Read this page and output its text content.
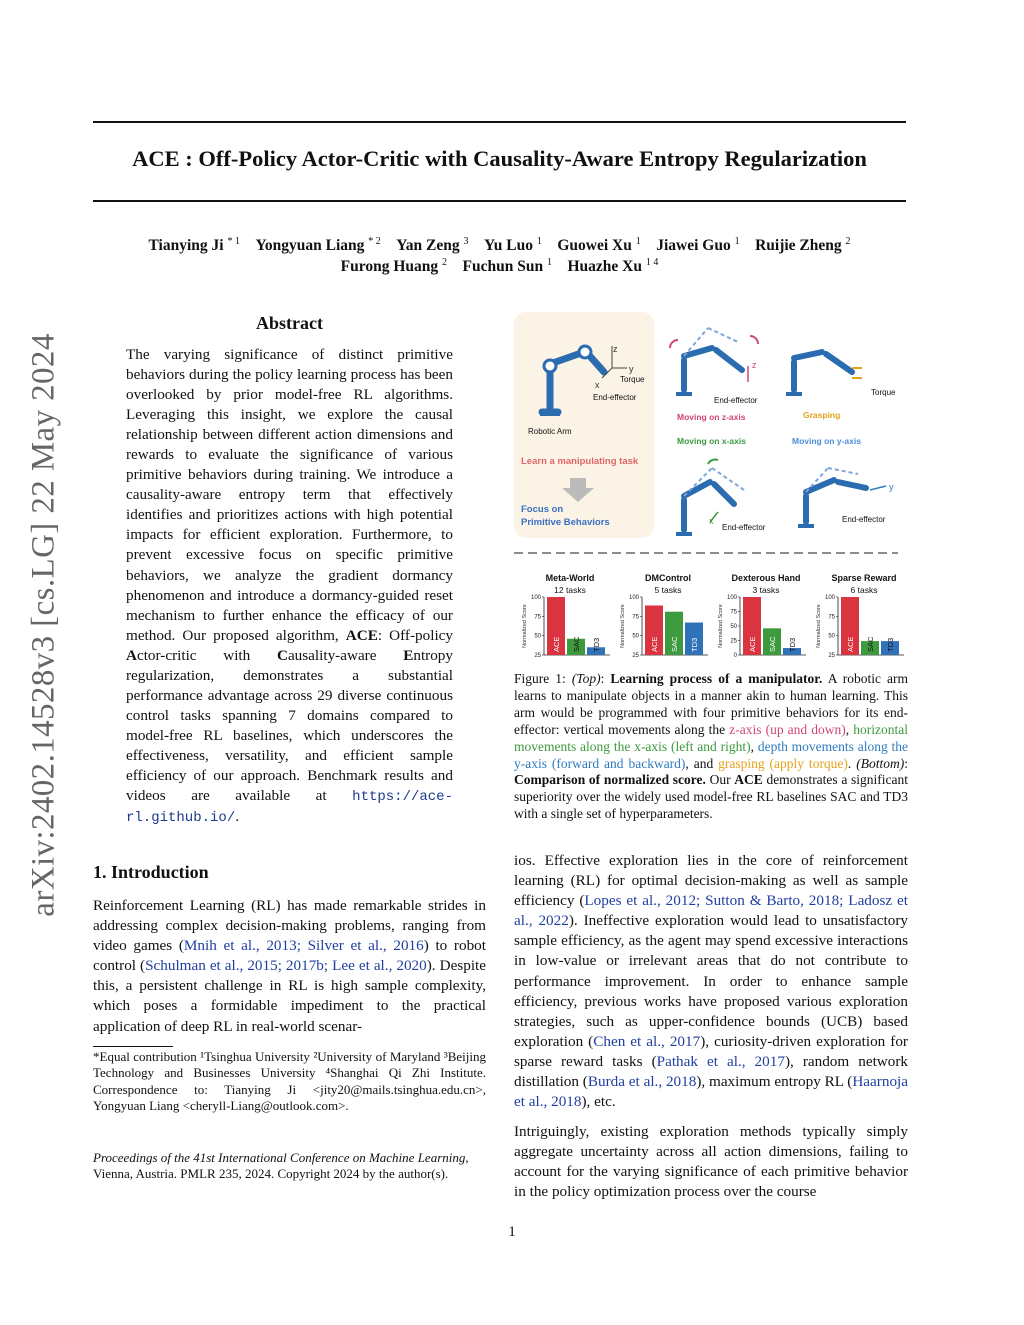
ACE : Off-Policy Actor-Critic with Causality-Aware Entropy Regularization
Tianying Ji $^{* 1}$  Yongyuan Liang $^{* 2}$  Yan Zeng $^3$  Yu Luo $^1$  Guowei Xu $^1$  Jiawei Guo $^1$  Ruijie Zheng $^2$
Furong Huang $^2$  Fuchun Sun $^1$  Huazhe Xu $^{1 4}$
arXiv:2402.14528v3 [cs.LG] 22 May 2024
Abstract
The varying significance of distinct primitive behaviors during the policy learning process has been overlooked by prior model-free RL algorithms. Leveraging this insight, we explore the causal relationship between different action dimensions and rewards to evaluate the significance of various primitive behaviors during training. We introduce a causality-aware entropy term that effectively identifies and prioritizes actions with high potential impacts for efficient exploration. Furthermore, to prevent excessive focus on specific primitive behaviors, we analyze the gradient dormancy phenomenon and introduce a dormancy-guided reset mechanism to further enhance the efficacy of our method. Our proposed algorithm, ACE: Off-policy Actor-critic with Causality-aware Entropy regularization, demonstrates a substantial performance advantage across 29 diverse continuous control tasks spanning 7 domains compared to model-free RL baselines, which underscores the effectiveness, versatility, and efficient sample efficiency of our approach. Benchmark results and videos are available at https://ace-rl.github.io/.
1. Introduction
Reinforcement Learning (RL) has made remarkable strides in addressing complex decision-making problems, ranging from video games (Mnih et al., 2013; Silver et al., 2016) to robot control (Schulman et al., 2015; 2017b; Lee et al., 2020). Despite this, a persistent challenge in RL is high sample complexity, which poses a formidable impediment to the practical application of deep RL in real-world scenar-
*Equal contribution ¹Tsinghua University ²University of Maryland ³Beijing Technology and Businesses University ⁴Shanghai Qi Zhi Institute. Correspondence to: Tianying Ji <jity20@mails.tsinghua.edu.cn>, Yongyuan Liang <cheryll-Liang@outlook.com>.
Proceedings of the 41st International Conference on Machine Learning, Vienna, Austria. PMLR 235, 2024. Copyright 2024 by the author(s).
z
y
x
Torque
End-effector
Robotic Arm
Learn a manipulating task
Focus on
Primitive Behaviors
z
End-effector
Moving on z-axis
Torque
Grasping
Moving on x-axis	Moving on y-axis
x
End-effector
y
End-effector
Meta-World
12 tasks
Normalized Score
25
50
75
100
ACE SAC TD3
DMControl
5 tasks
Normalized Score
25
50
75
100
ACE SAC TD3
Dexterous Hand
3 tasks
Normalized Score
0
25
50
75
100
ACE SAC TD3
Sparse Reward
6 tasks
Normalized Score
25
50
75
100
ACE SAC TD3
Figure 1: (Top): Learning process of a manipulator. A robotic arm learns to manipulate objects in a manner akin to human learning. This arm would be programmed with four primitive behaviors for its end-effector: vertical movements along the z-axis (up and down), horizontal movements along the x-axis (left and right), depth movements along the y-axis (forward and backward), and grasping (apply torque). (Bottom): Comparison of normalized score. Our ACE demonstrates a significant superiority over the widely used model-free RL baselines SAC and TD3 with a single set of hyperparameters.
ios. Effective exploration lies in the core of reinforcement learning (RL) for optimal decision-making as well as sample efficiency (Lopes et al., 2012; Sutton & Barto, 2018; Ladosz et al., 2022). Ineffective exploration would lead to unsatisfactory sample efficiency, as the agent may spend excessive interactions in low-value or irrelevant areas that do not contribute to performance improvement. In order to enhance sample efficiency, previous works have proposed various exploration strategies, such as upper-confidence bounds (UCB) based exploration (Chen et al., 2017), curiosity-driven exploration for sparse reward tasks (Pathak et al., 2017), random network distillation (Burda et al., 2018), maximum entropy RL (Haarnoja et al., 2018), etc.
Intriguingly, existing exploration methods typically simply aggregate uncertainty across all action dimensions, failing to account for the varying significance of each primitive behavior in the policy optimization process over the course
1
